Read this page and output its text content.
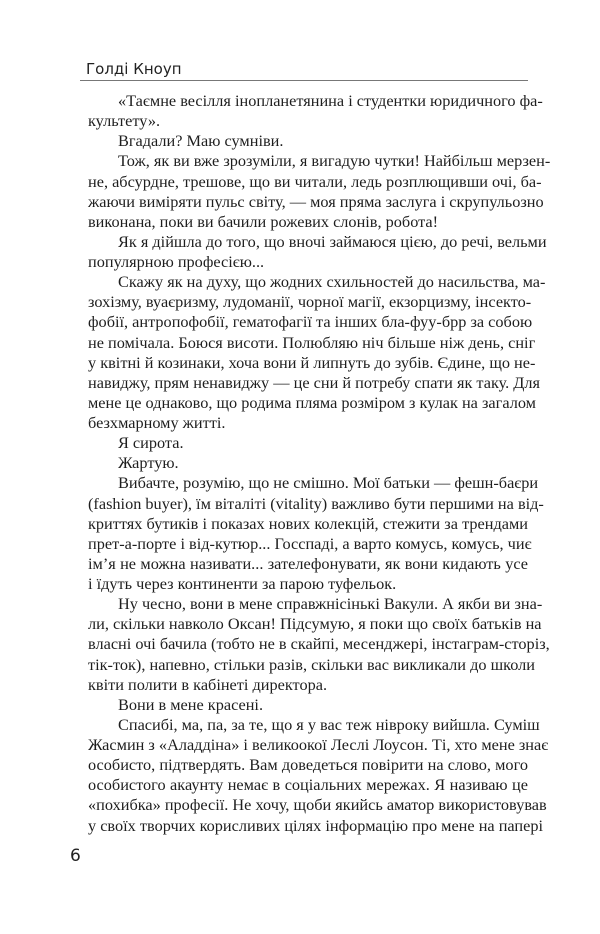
Голді Кноуп
«Таємне весілля інопланетянина і студентки юридичного фа-
культету».
Вгадали? Маю сумніви.
Тож, як ви вже зрозуміли, я вигадую чутки! Найбільш мерзен-
не, абсурдне, трешове, що ви читали, ледь розплющивши очі, ба-
жаючи виміряти пульс світу, — моя пряма заслуга і скрупульозно
виконана, поки ви бачили рожевих слонів, робота!
Як я дійшла до того, що вночі займаюся цією, до речі, вельми
популярною професією...
Скажу як на духу, що жодних схильностей до насильства, ма-
зохізму, вуаєризму, лудоманії, чорної магії, екзорцизму, інсекто-
фобії, антропофобії, гематофагії та інших бла-фуу-брр за собою
не помічала. Боюся висоти. Полюбляю ніч більше ніж день, сніг
у квітні й козинаки, хоча вони й липнуть до зубів. Єдине, що не-
навиджу, прям ненавиджу — це сни й потребу спати як таку. Для
мене це однаково, що родима пляма розміром з кулак на загалом
безхмарному житті.
Я сирота.
Жартую.
Вибачте, розумію, що не смішно. Мої батьки — фешн-баєри
(fashion buyer), їм віталіті (vitality) важливо бути першими на від-
криттях бутиків і показах нових колекцій, стежити за трендами
прет-а-порте і від-кутюр... Госспаді, а варто комусь, комусь, чиє
ім’я не можна називати... зателефонувати, як вони кидають усе
і їдуть через континенти за парою туфельок.
Ну чесно, вони в мене справжнісінькі Вакули. А якби ви зна-
ли, скільки навколо Оксан! Підсумую, я поки що своїх батьків на
власні очі бачила (тобто не в скайпі, месенджері, інстаграм-сторіз,
тік-ток), напевно, стільки разів, скільки вас викликали до школи
квіти полити в кабінеті директора.
Вони в мене красені.
Спасибі, ма, па, за те, що я у вас теж нівроку вийшла. Суміш
Жасмин з «Аладдіна» і великоокої Леслі Лоусон. Ті, хто мене знає
особисто, підтвердять. Вам доведеться повірити на слово, мого
особистого акаунту немає в соціальних мережах. Я називаю це
«похибка» професії. Не хочу, щоби якийсь аматор використовував
у своїх творчих корисливих цілях інформацію про мене на папері
6
